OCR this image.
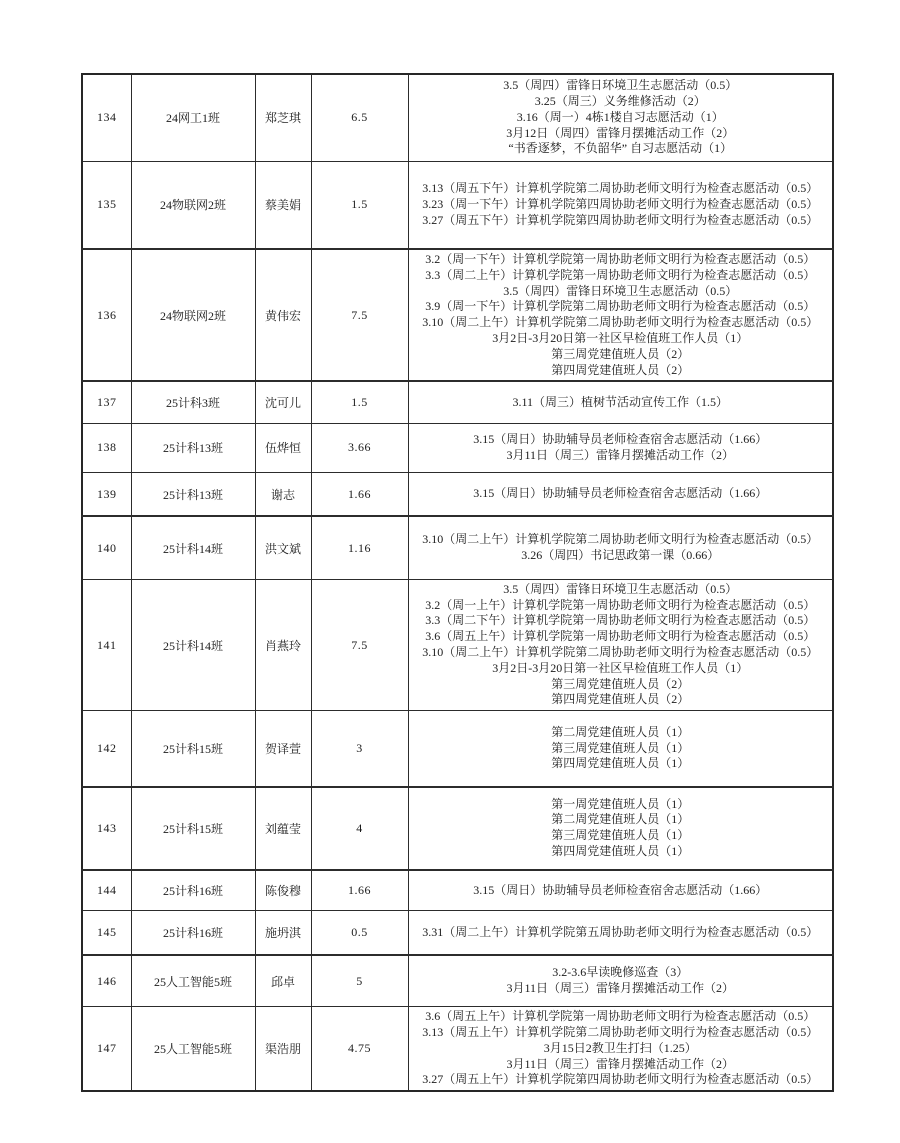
134	24网工1班	郑芝琪	6.5	3.5（周四）雷锋日环境卫生志愿活动（0.5）
3.25（周三）义务维修活动（2）
3.16（周一）4栋1楼自习志愿活动（1）
3月12日（周四）雷锋月摆摊活动工作（2）
“书香逐梦，不负韶华” 自习志愿活动（1）

135	24物联网2班	蔡美娟	1.5	3.13（周五下午）计算机学院第二周协助老师文明行为检查志愿活动（0.5）
3.23（周一下午）计算机学院第四周协助老师文明行为检查志愿活动（0.5）
3.27（周五下午）计算机学院第四周协助老师文明行为检查志愿活动（0.5）

136	24物联网2班	黄伟宏	7.5	
3.2（周一下午）计算机学院第一周协助老师文明行为检查志愿活动（0.5）
3.3（周二上午）计算机学院第一周协助老师文明行为检查志愿活动（0.5）
3.5（周四）雷锋日环境卫生志愿活动（0.5）
3.9（周一下午）计算机学院第二周协助老师文明行为检查志愿活动（0.5）
3.10（周二上午）计算机学院第二周协助老师文明行为检查志愿活动（0.5）
3月2日-3月20日第一社区早检值班工作人员（1）
第三周党建值班人员（2）
第四周党建值班人员（2）

137	25计科3班	沈可儿	1.5	3.11（周三）植树节活动宣传工作（1.5）

138	25计科13班	伍烨恒	3.66	3.15（周日）协助辅导员老师检查宿舍志愿活动（1.66）
3月11日（周三）雷锋月摆摊活动工作（2）

139	25计科13班	谢志	1.66	3.15（周日）协助辅导员老师检查宿舍志愿活动（1.66）

140	25计科14班	洪文斌	1.16	3.10（周二上午）计算机学院第二周协助老师文明行为检查志愿活动（0.5）
3.26（周四）书记思政第一课（0.66）

141	25计科14班	肖燕玲	7.5	
3.5（周四）雷锋日环境卫生志愿活动（0.5）
3.2（周一上午）计算机学院第一周协助老师文明行为检查志愿活动（0.5）
3.3（周二下午）计算机学院第一周协助老师文明行为检查志愿活动（0.5）
3.6（周五上午）计算机学院第一周协助老师文明行为检查志愿活动（0.5）
3.10（周二上午）计算机学院第二周协助老师文明行为检查志愿活动（0.5）
3月2日-3月20日第一社区早检值班工作人员（1）
第三周党建值班人员（2）
第四周党建值班人员（2）

142	25计科15班	贺译萱	3	第二周党建值班人员（1）
第三周党建值班人员（1）
第四周党建值班人员（1）

143	25计科15班	刘蕴莹	4	第一周党建值班人员（1）
第二周党建值班人员（1）
第三周党建值班人员（1）
第四周党建值班人员（1）

144	25计科16班	陈俊穆	1.66	3.15（周日）协助辅导员老师检查宿舍志愿活动（1.66）

145	25计科16班	施坍淇	0.5	3.31（周二上午）计算机学院第五周协助老师文明行为检查志愿活动（0.5）

146	25人工智能5班	邱卓	5	3.2-3.6早读晚修巡查（3）
3月11日（周三）雷锋月摆摊活动工作（2）

147	25人工智能5班	渠浩朋	4.75	3.6（周五上午）计算机学院第一周协助老师文明行为检查志愿活动（0.5）
3.13（周五上午）计算机学院第二周协助老师文明行为检查志愿活动（0.5）
3月15日2教卫生打扫（1.25）
3月11日（周三）雷锋月摆摊活动工作（2）
3.27（周五上午）计算机学院第四周协助老师文明行为检查志愿活动（0.5）
